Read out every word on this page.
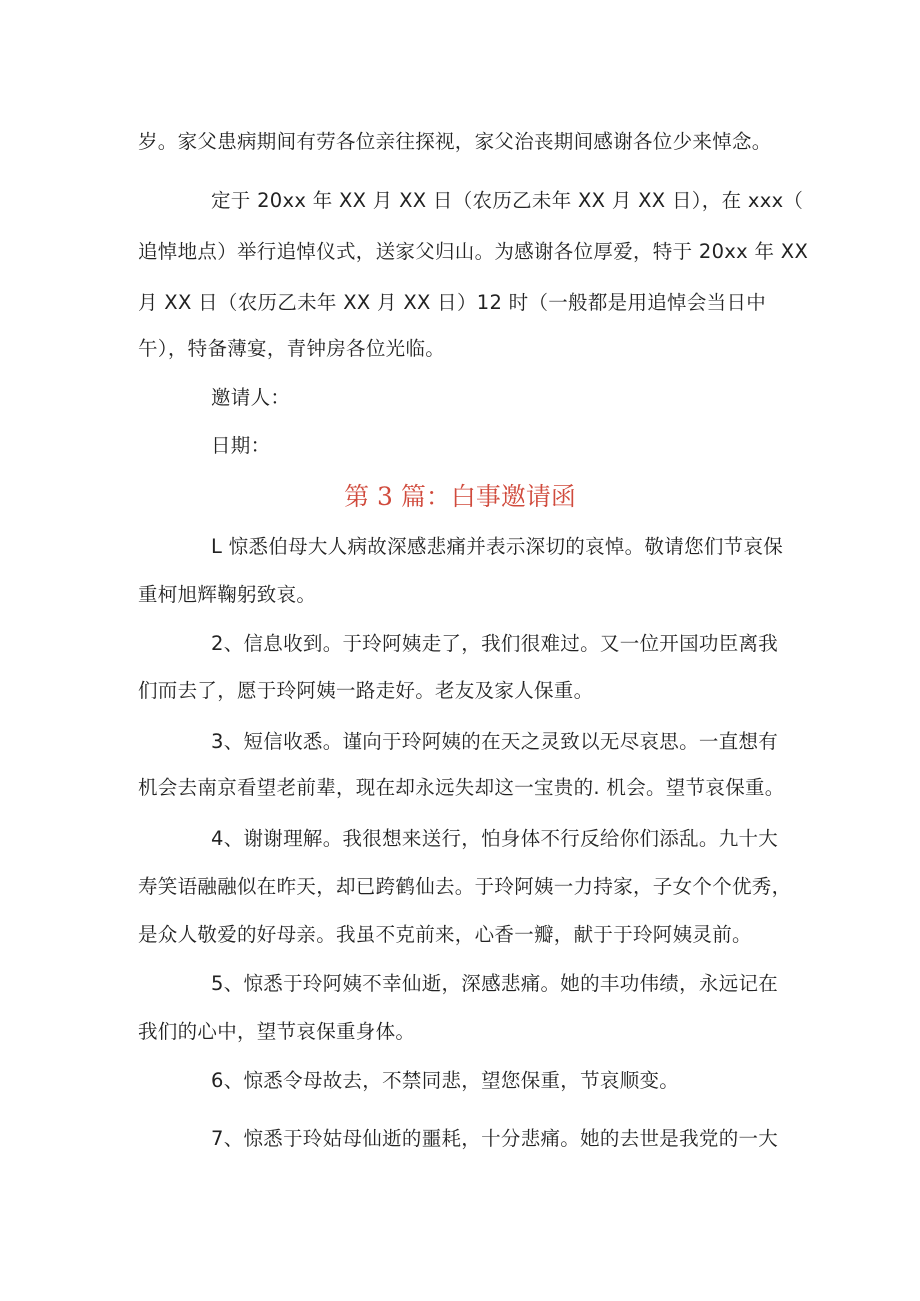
岁。家父患病期间有劳各位亲往探视，家父治丧期间感谢各位少来悼念。
定于 20xx 年 XX 月 XX 日（农历乙未年 XX 月 XX 日），在 xxx（
追悼地点）举行追悼仪式，送家父归山。为感谢各位厚爱，特于 20xx 年 XX
月 XX 日（农历乙未年 XX 月 XX 日）12 时（一般都是用追悼会当日中
午），特备薄宴，青钟房各位光临。
邀请人：
日期：
第 3 篇：白事邀请函
L 惊悉伯母大人病故深感悲痛并表示深切的哀悼。敬请您们节哀保
重柯旭辉鞠躬致哀。
2、信息收到。于玲阿姨走了，我们很难过。又一位开国功臣离我
们而去了，愿于玲阿姨一路走好。老友及家人保重。
3、短信收悉。谨向于玲阿姨的在天之灵致以无尽哀思。一直想有
机会去南京看望老前辈，现在却永远失却这一宝贵的. 机会。望节哀保重。
4、谢谢理解。我很想来送行，怕身体不行反给你们添乱。九十大
寿笑语融融似在昨天，却已跨鹤仙去。于玲阿姨一力持家，子女个个优秀，
是众人敬爱的好母亲。我虽不克前来，心香一瓣，献于于玲阿姨灵前。
5、惊悉于玲阿姨不幸仙逝，深感悲痛。她的丰功伟绩，永远记在
我们的心中，望节哀保重身体。
6、惊悉令母故去，不禁同悲，望您保重，节哀顺变。
7、惊悉于玲姑母仙逝的噩耗，十分悲痛。她的去世是我党的一大
